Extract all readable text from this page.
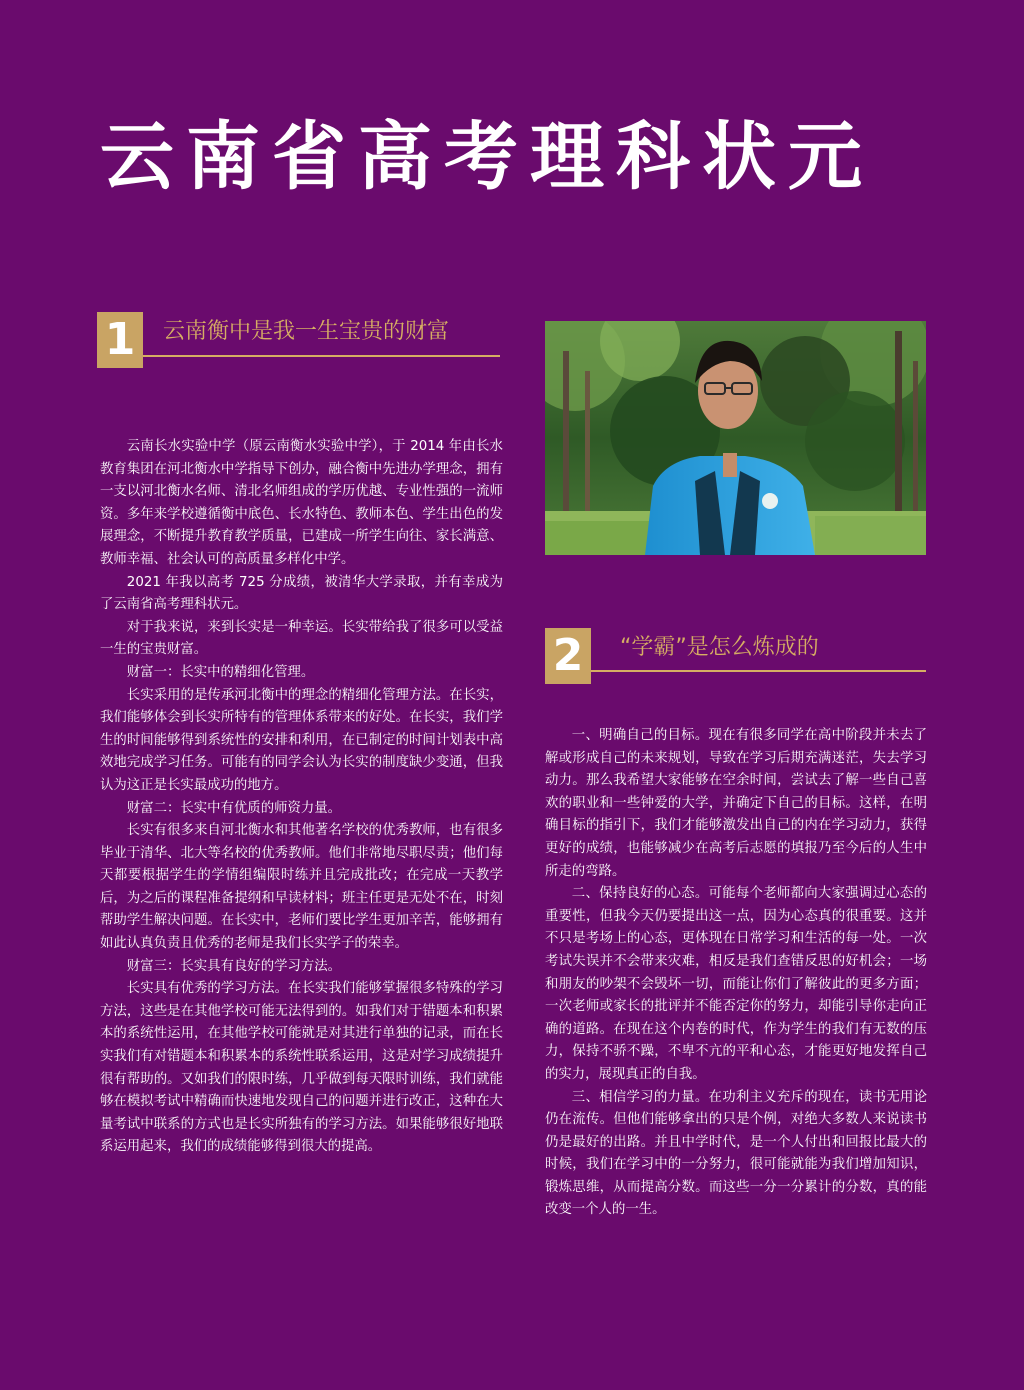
云南省高考理科状元
1	云南衡中是我一生宝贵的财富

云南长水实验中学（原云南衡水实验中学），于 2014 年由长水教育集团在河北衡水中学指导下创办，融合衡中先进办学理念，拥有一支以河北衡水名师、清北名师组成的学历优越、专业性强的一流师资。多年来学校遵循衡中底色、长水特色、教师本色、学生出色的发展理念，不断提升教育教学质量，已建成一所学生向往、家长满意、教师幸福、社会认可的高质量多样化中学。

2021 年我以高考 725 分成绩，被清华大学录取，并有幸成为了云南省高考理科状元。

对于我来说，来到长实是一种幸运。长实带给我了很多可以受益一生的宝贵财富。

财富一：长实中的精细化管理。

长实采用的是传承河北衡中的理念的精细化管理方法。在长实，我们能够体会到长实所特有的管理体系带来的好处。在长实，我们学生的时间能够得到系统性的安排和利用，在已制定的时间计划表中高效地完成学习任务。可能有的同学会认为长实的制度缺少变通，但我认为这正是长实最成功的地方。

财富二：长实中有优质的师资力量。

长实有很多来自河北衡水和其他著名学校的优秀教师，也有很多毕业于清华、北大等名校的优秀教师。他们非常地尽职尽责；他们每天都要根据学生的学情组编限时练并且完成批改；在完成一天教学后，为之后的课程准备提纲和早读材料；班主任更是无处不在，时刻帮助学生解决问题。在长实中，老师们要比学生更加辛苦，能够拥有如此认真负责且优秀的老师是我们长实学子的荣幸。

财富三：长实具有良好的学习方法。

长实具有优秀的学习方法。在长实我们能够掌握很多特殊的学习方法，这些是在其他学校可能无法得到的。如我们对于错题本和积累本的系统性运用，在其他学校可能就是对其进行单独的记录，而在长实我们有对错题本和积累本的系统性联系运用，这是对学习成绩提升很有帮助的。又如我们的限时练，几乎做到每天限时训练，我们就能够在模拟考试中精确而快速地发现自己的问题并进行改正，这种在大量考试中联系的方式也是长实所独有的学习方法。如果能够很好地联系运用起来，我们的成绩能够得到很大的提高。

2	“学霸”是怎么炼成的

一、明确自己的目标。现在有很多同学在高中阶段并未去了解或形成自己的未来规划，导致在学习后期充满迷茫，失去学习动力。那么我希望大家能够在空余时间，尝试去了解一些自己喜欢的职业和一些钟爱的大学，并确定下自己的目标。这样，在明确目标的指引下，我们才能够激发出自己的内在学习动力，获得更好的成绩，也能够减少在高考后志愿的填报乃至今后的人生中所走的弯路。

二、保持良好的心态。可能每个老师都向大家强调过心态的重要性，但我今天仍要提出这一点，因为心态真的很重要。这并不只是考场上的心态，更体现在日常学习和生活的每一处。一次考试失误并不会带来灾难，相反是我们查错反思的好机会；一场和朋友的吵架不会毁坏一切，而能让你们了解彼此的更多方面；一次老师或家长的批评并不能否定你的努力，却能引导你走向正确的道路。在现在这个内卷的时代，作为学生的我们有无数的压力，保持不骄不躁，不卑不亢的平和心态，才能更好地发挥自己的实力，展现真正的自我。

三、相信学习的力量。在功利主义充斥的现在，读书无用论仍在流传。但他们能够拿出的只是个例，对绝大多数人来说读书仍是最好的出路。并且中学时代，是一个人付出和回报比最大的时候，我们在学习中的一分努力，很可能就能为我们增加知识，锻炼思维，从而提高分数。而这些一分一分累计的分数，真的能改变一个人的一生。
